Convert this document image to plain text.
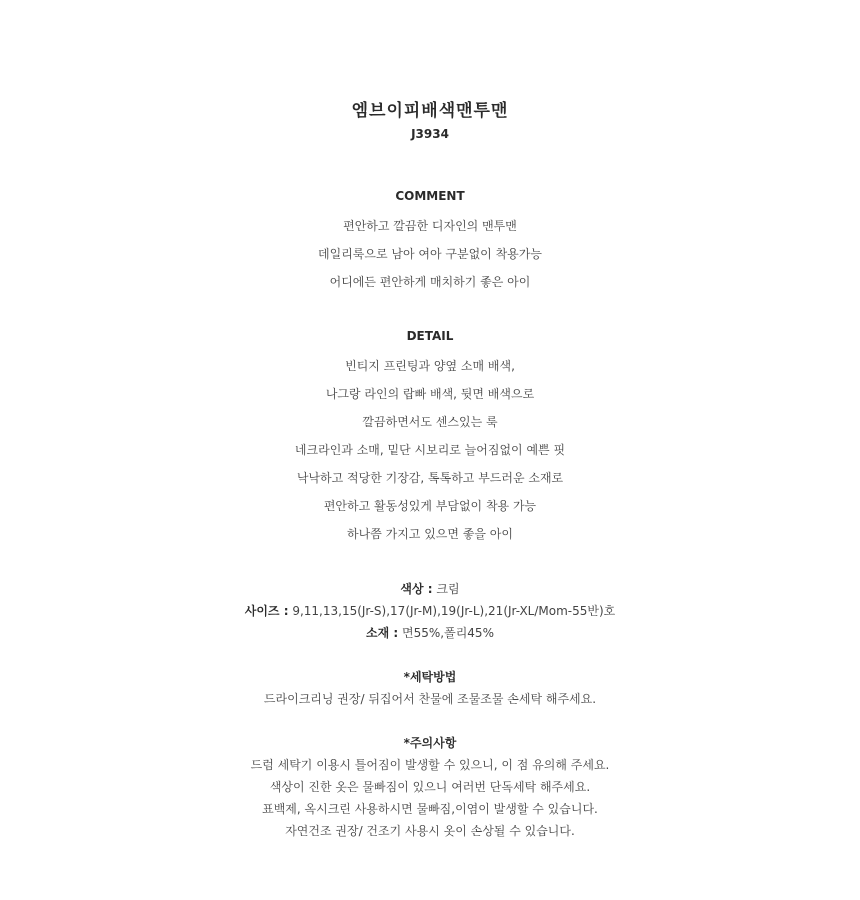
엠브이피배색맨투맨
J3934
COMMENT
편안하고 깔끔한 디자인의 맨투맨
데일리룩으로 남아 여아 구분없이 착용가능
어디에든 편안하게 매치하기 좋은 아이
DETAIL
빈티지 프린팅과 양옆 소매 배색,
나그랑 라인의 랍빠 배색, 뒷면 배색으로
깔끔하면서도 센스있는 룩
네크라인과 소매, 밑단 시보리로 늘어짐없이 예쁜 핏
낙낙하고 적당한 기장감, 톡톡하고 부드러운 소재로
편안하고 활동성있게 부담없이 착용 가능
하나쯤 가지고 있으면 좋을 아이
색상 : 크림
사이즈 : 9,11,13,15(Jr-S),17(Jr-M),19(Jr-L),21(Jr-XL/Mom-55반)호
소재 : 면55%,폴리45%
*세탁방법
드라이크리닝 권장/ 뒤집어서 찬물에 조물조물 손세탁 해주세요.
*주의사항
드럼 세탁기 이용시 틀어짐이 발생할 수 있으니, 이 점 유의해 주세요.
색상이 진한 옷은 물빠짐이 있으니 여러번 단독세탁 해주세요.
표백제, 옥시크린 사용하시면 물빠짐,이염이 발생할 수 있습니다.
자연건조 권장/ 건조기 사용시 옷이 손상될 수 있습니다.
